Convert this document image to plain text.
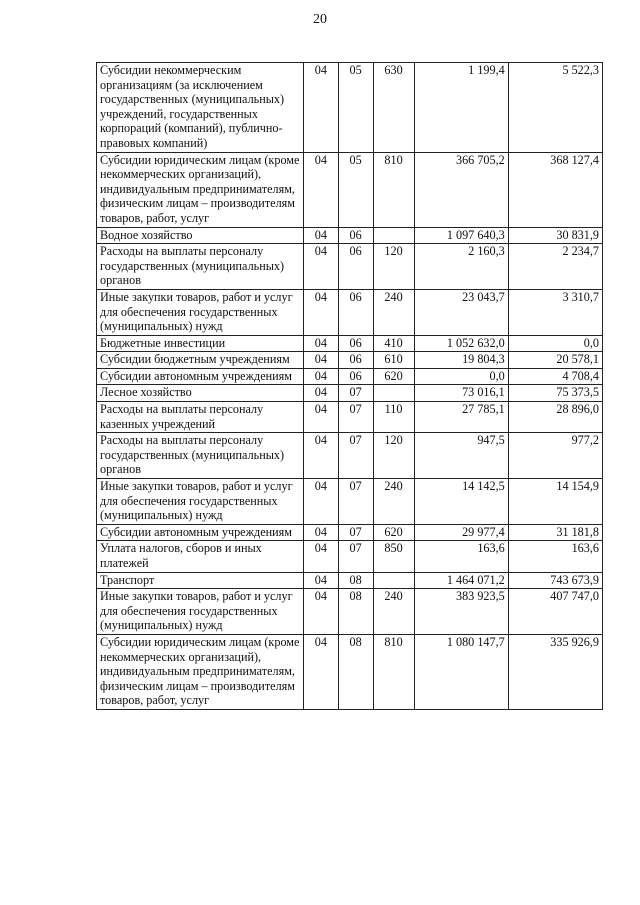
20
Субсидии некоммерческим организациям (за исключением государственных (муниципальных) учреждений, государственных корпораций (компаний), публично-правовых компаний)	04	05	630	1 199,4	5 522,3
Субсидии юридическим лицам (кроме некоммерческих организаций), индивидуальным предпринимателям, физическим лицам – производителям товаров, работ, услуг	04	05	810	366 705,2	368 127,4
Водное хозяйство	04	06		1 097 640,3	30 831,9
Расходы на выплаты персоналу государственных (муниципальных) органов	04	06	120	2 160,3	2 234,7
Иные закупки товаров, работ и услуг для обеспечения государственных (муниципальных) нужд	04	06	240	23 043,7	3 310,7
Бюджетные инвестиции	04	06	410	1 052 632,0	0,0
Субсидии бюджетным учреждениям	04	06	610	19 804,3	20 578,1
Субсидии автономным учреждениям	04	06	620	0,0	4 708,4
Лесное хозяйство	04	07		73 016,1	75 373,5
Расходы на выплаты персоналу казенных учреждений	04	07	110	27 785,1	28 896,0
Расходы на выплаты персоналу государственных (муниципальных) органов	04	07	120	947,5	977,2
Иные закупки товаров, работ и услуг для обеспечения государственных (муниципальных) нужд	04	07	240	14 142,5	14 154,9
Субсидии автономным учреждениям	04	07	620	29 977,4	31 181,8
Уплата налогов, сборов и иных платежей	04	07	850	163,6	163,6
Транспорт	04	08		1 464 071,2	743 673,9
Иные закупки товаров, работ и услуг для обеспечения государственных (муниципальных) нужд	04	08	240	383 923,5	407 747,0
Субсидии юридическим лицам (кроме некоммерческих организаций), индивидуальным предпринимателям, физическим лицам – производителям товаров, работ, услуг	04	08	810	1 080 147,7	335 926,9
